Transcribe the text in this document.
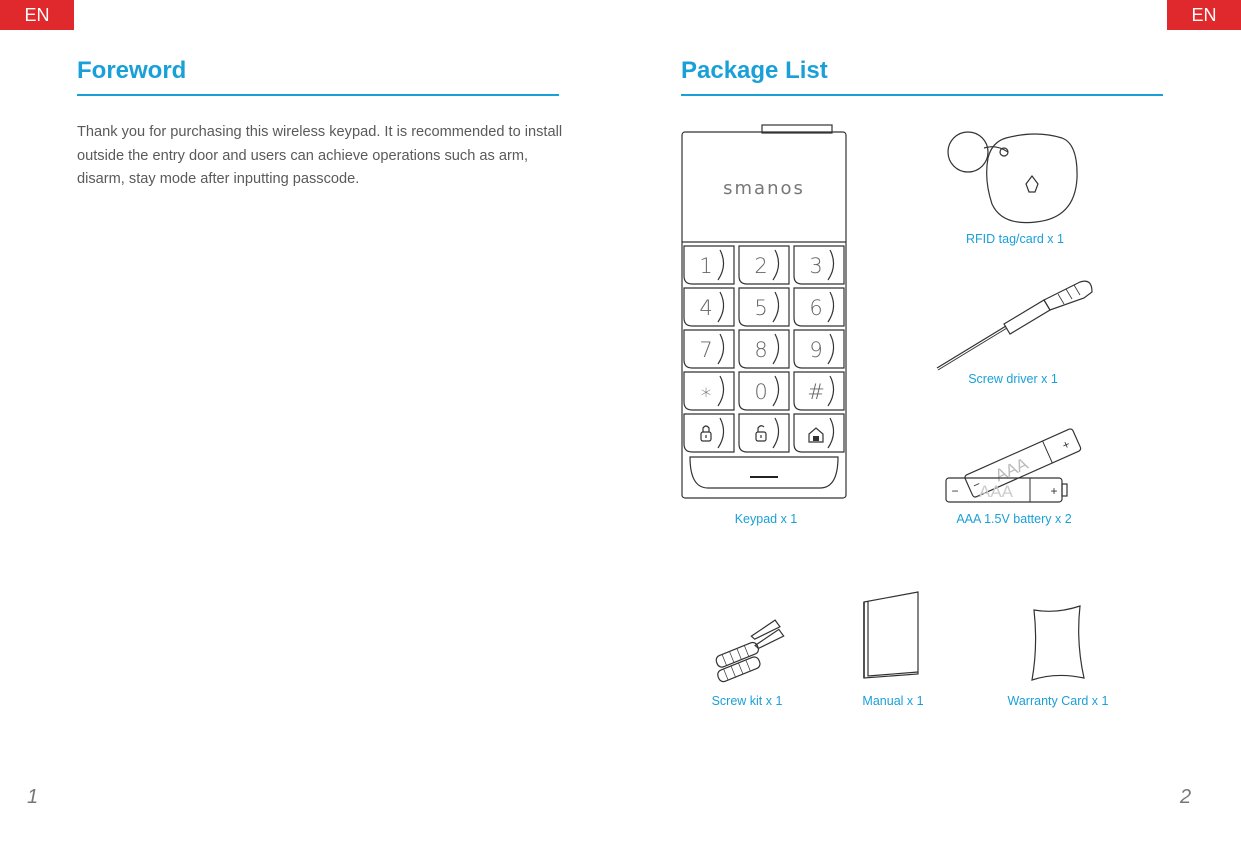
EN	EN
Foreword

Thank you for purchasing this wireless keypad. It is recommended to install outside the entry door and users can achieve operations such as arm, disarm, stay mode after inputting passcode.

Package List
smanos
1 2 3
4 5 6
7 8 9
∗ 0 #
RFID tag/card x 1
Screw driver x 1
AAA
+
−
AAA
−	+
Keypad x 1	AAA 1.5V battery x 2
Screw kit x 1	Manual x 1	Warranty Card x 1
1	2
